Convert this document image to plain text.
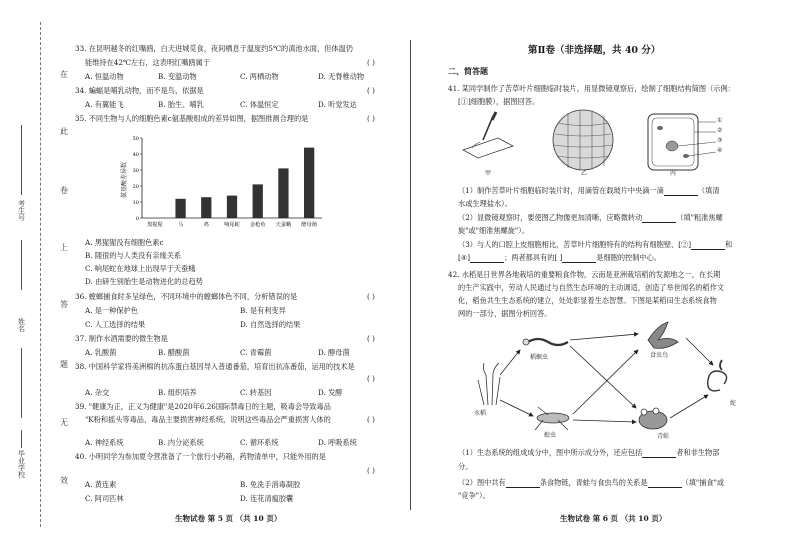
在
此
卷
上
答
题
无
效
考生号
姓名
毕业学校
33. 在昆明越冬的红嘴鸥，白天进城觅食，夜间栖息于温度约5℃的滇池水面，但体温仍
能维持在42℃左右，这表明红嘴鸥属于	( )
A. 恒温动物	B. 变温动物	C. 两栖动物	D. 无脊椎动物
34. 蝙蝠是哺乳动物，而不是鸟，依据是	( )
A. 有翼能飞	B. 胎生、哺乳	C. 体温恒定	D. 听觉发达
35. 不同生物与人的细胞色素c氨基酸组成的差异如图，据图推测合理的是	( )
0
10
20
30
40
50
黑猩猩	马	鸡	响尾蛇 金枪鱼 天蚕蛾 酵母菌
氨基酸差异数
A. 黑猩猩没有细胞色素c
B. 随很的与人类没有亲缘关系
C. 响尾蛇在地球上出现早于天蚕蛾
D. 由研生别胎生是动物进化的总趋势
36. 螳螂捕食时多呈绿色，不同环境中的螳螂体色不同，分析错误的是	( )
A. 是一种保护色	B. 是有利变异
C. 人工选择的结果	D. 自然选择的结果
37. 制作水酒需要的微生物是	( )
A. 乳酸菌	B. 醋酸菌	C. 青霉菌	D. 酵母菌
38. 中国科学家将美洲棉的抗冻蛋白基因导入普通番茄，培育出抗冻番茄，运用的技术是
( )
A. 杂交	B. 组织培养	C. 转基因	D. 发酵
39. "健康为正，正义为健康"是2020年6.26国际禁毒日的主题，吸毒会导致毒品
"K粉和摇头等毒品，毒品主要损害神经系统，说明这些毒品会严重损害人体的	( )
A. 神经系统	B. 内分泌系统	C. 循环系统	D. 呼吸系统
40. 小明同学为参加夏令营准备了一个旅行小药箱，药物清单中，只能外用的是
( )
A. 黄连素	B. 免洗手消毒凝胶
C. 阿司匹林	D. 连花清瘟胶囊
生物试卷 第 5 页 （共 10 页）
第Ⅱ卷（非选择题，共 40 分）
二、简答题
41. 某同学制作了苦草叶片细胞临时装片，用显微镜观察后，绘制了细胞结构简图（示例：
[①]细胞膜），据图回答。
甲	乙	丙
①
②
③
④
（1）制作苦草叶片细胞临时装片时，用滴管在载玻片中央滴一滴	（填清
水或生理盐水）。
（2）显微镜观察时，要使图乙物像更加清晰，应略微转动	（填"粗准焦螺
旋"或"细准焦螺旋"）。
（3）与人的口腔上皮细胞相比，苦草叶片细胞特有的结构有细胞壁、[②]	和
[④]	；两者都具有的[ ]	是细胞的控制中心。
42. 水稻是日世界各地栽培的重要粮食作物，云南是亚洲栽培稻的发源地之一，在长期
的生产实践中，劳动人民通过与自然生态环境的主动调适，创造了举世闻名的稻作文
化，稻鱼共生生态系统的建立，处处彰显着生态智慧。下图是某稻田生态系统食物
网的一部分，据图分析回答。
稻螟虫
水稻
蝗虫
食虫鸟
青蛙
蛇
（1）生态系统的组成成分中，图中所示成分外，还应包括	者和非生物部
分。
（2）图中共有	条食物链，青蛙与食虫鸟的关系是	（填"捕食"或
"竞争"）。
生物试卷 第 6 页 （共 10 页）
